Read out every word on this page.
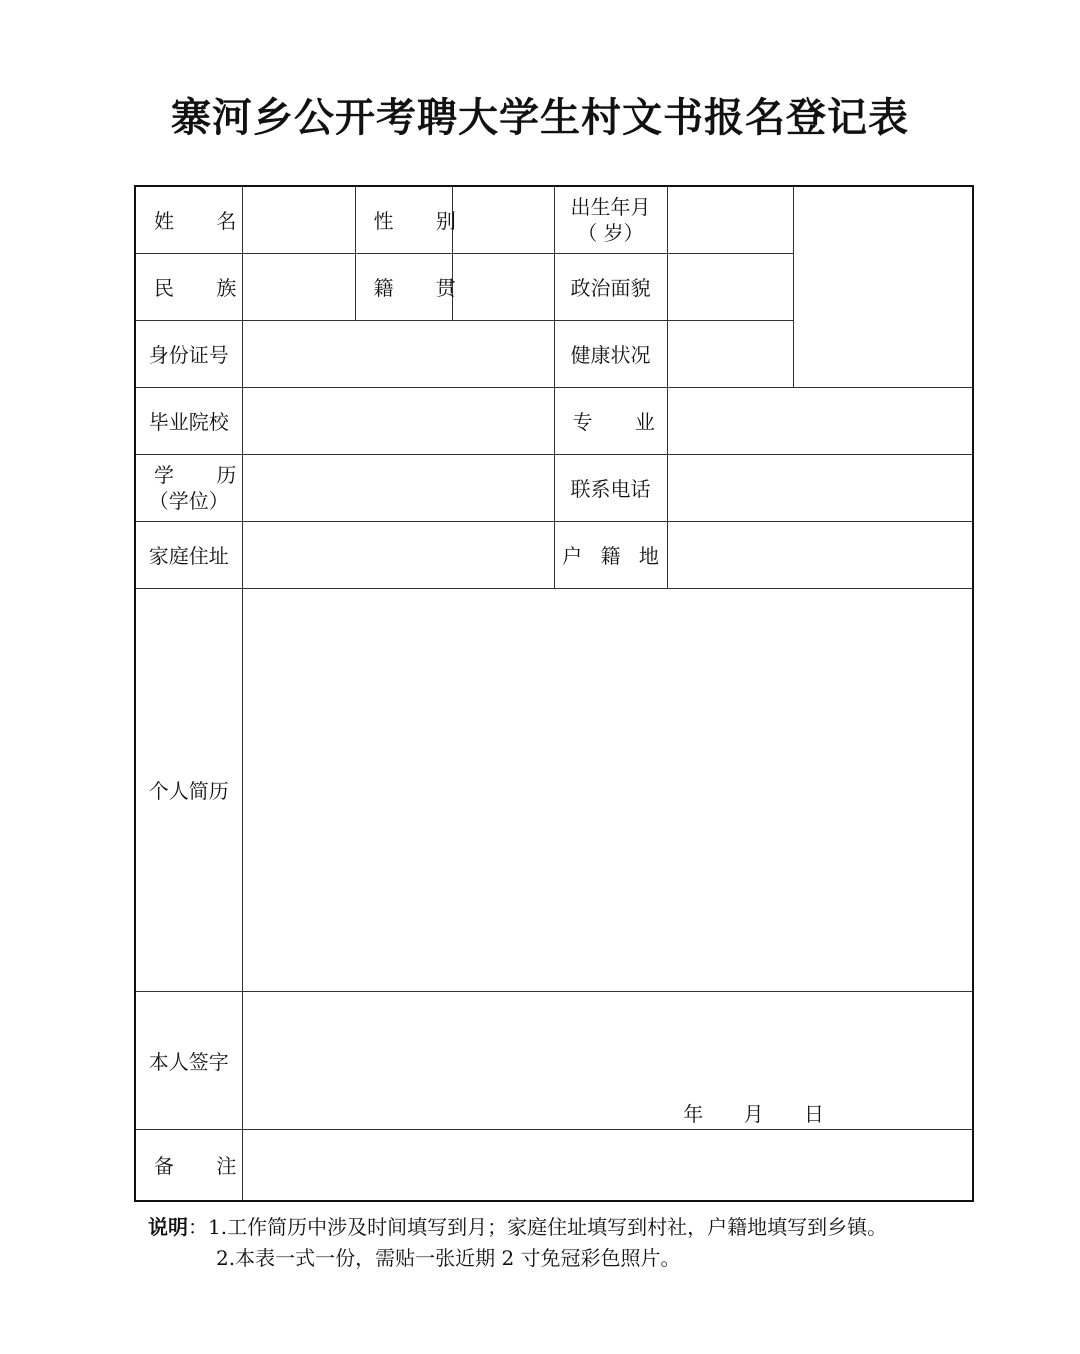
寨河乡公开考聘大学生村文书报名登记表
姓 名		性 别		出生年月
（ 岁）		

民 族		籍 贯		政治面貌		
身份证号				健康状况		
毕业院校				专 业		

学 历
（学位）				联系电话		
家庭住址				户 籍 地		
个人简历						
本人签字	年 月 日					

备 注						
说明：1.工作简历中涉及时间填写到月；家庭住址填写到村社，户籍地填写到乡镇。
2.本表一式一份，需贴一张近期 2 寸免冠彩色照片。
